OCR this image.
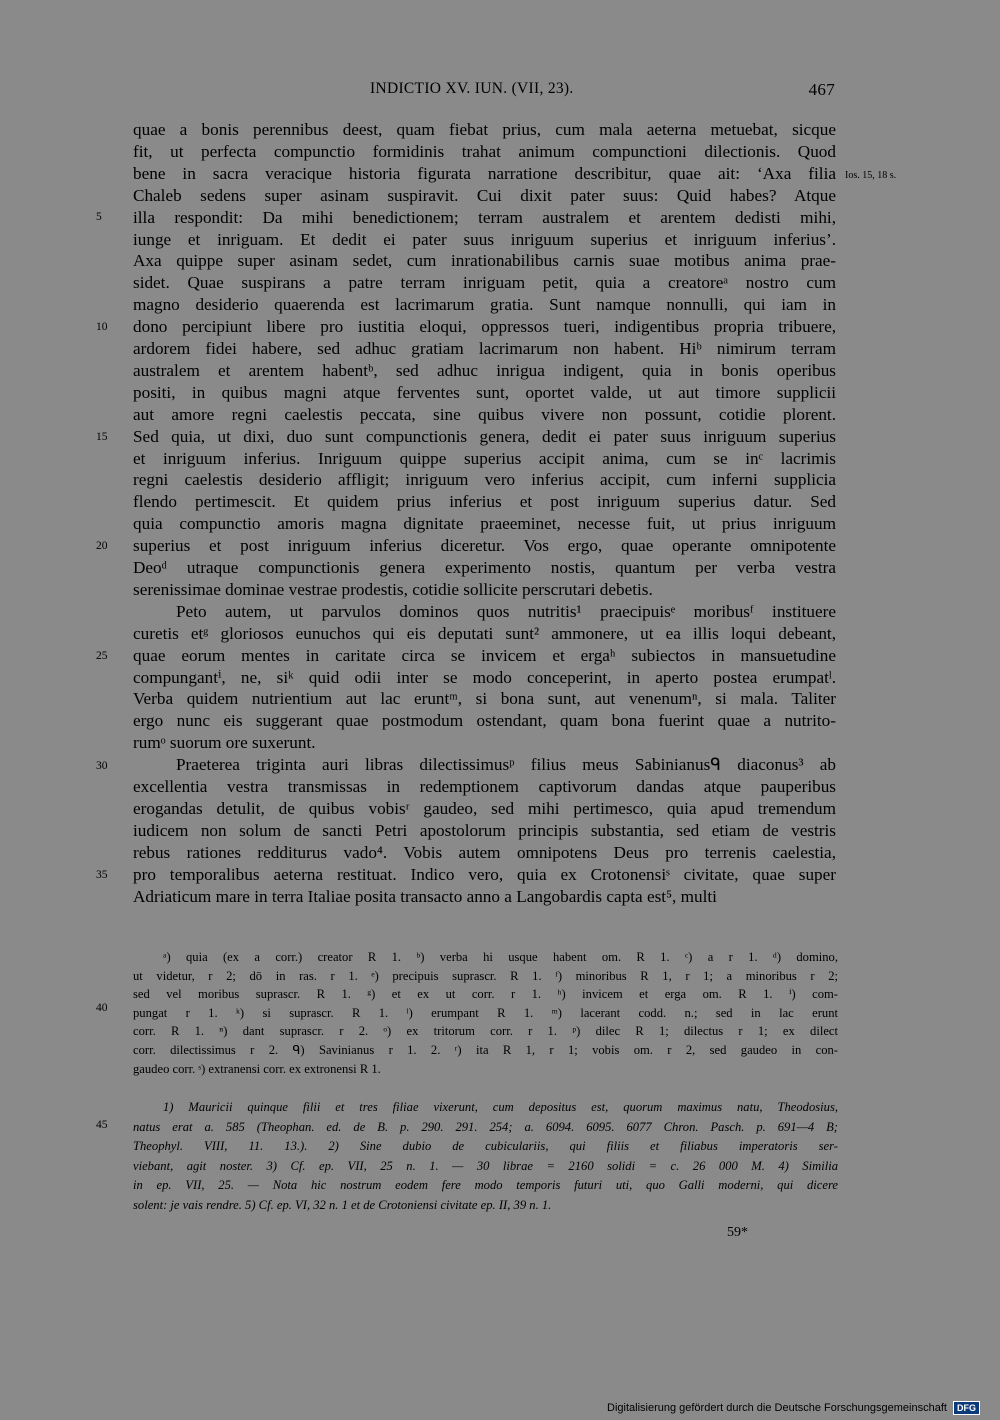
INDICTIO XV. IUN. (VII, 23).	467
quae a bonis perennibus deest, quam fiebat prius, cum mala aeterna metuebat, sicque
fit, ut perfecta compunctio formidinis trahat animum compunctioni dilectionis. Quod
bene in sacra veracique historia figurata narratione describitur, quae ait: ‘Axa filia
Chaleb sedens super asinam suspiravit. Cui dixit pater suus: Quid habes? Atque
illa respondit: Da mihi benedictionem; terram australem et arentem dedisti mihi,
iunge et inriguam. Et dedit ei pater suus inriguum superius et inriguum inferius’.
Axa quippe super asinam sedet, cum inrationabilibus carnis suae motibus anima prae-
sidet. Quae suspirans a patre terram inriguam petit, quia a creatoreᵃ nostro cum
magno desiderio quaerenda est lacrimarum gratia. Sunt namque nonnulli, qui iam in
dono percipiunt libere pro iustitia eloqui, oppressos tueri, indigentibus propria tribuere,
ardorem fidei habere, sed adhuc gratiam lacrimarum non habent. Hiᵇ nimirum terram
australem et arentem habentᵇ, sed adhuc inrigua indigent, quia in bonis operibus
positi, in quibus magni atque ferventes sunt, oportet valde, ut aut timore supplicii
aut amore regni caelestis peccata, sine quibus vivere non possunt, cotidie plorent.
Sed quia, ut dixi, duo sunt compunctionis genera, dedit ei pater suus inriguum superius
et inriguum inferius. Inriguum quippe superius accipit anima, cum se inᶜ lacrimis
regni caelestis desiderio affligit; inriguum vero inferius accipit, cum inferni supplicia
flendo pertimescit. Et quidem prius inferius et post inriguum superius datur. Sed
quia compunctio amoris magna dignitate praeeminet, necesse fuit, ut prius inriguum
superius et post inriguum inferius diceretur. Vos ergo, quae operante omnipotente
Deoᵈ utraque compunctionis genera experimento nostis, quantum per verba vestra
serenissimae dominae vestrae prodestis, cotidie sollicite perscrutari debetis.
Peto autem, ut parvulos dominos quos nutritis¹ praecipuisᵉ moribusᶠ instituere
curetis etᵍ gloriosos eunuchos qui eis deputati sunt² ammonere, ut ea illis loqui debeant,
quae eorum mentes in caritate circa se invicem et ergaʰ subiectos in mansuetudine
compungantⁱ, ne, siᵏ quid odii inter se modo conceperint, in aperto postea erumpatˡ.
Verba quidem nutrientium aut lac eruntᵐ, si bona sunt, aut venenumⁿ, si mala. Taliter
ergo nunc eis suggerant quae postmodum ostendant, quam bona fuerint quae a nutrito-
rumᵒ suorum ore suxerunt.
Praeterea triginta auri libras dilectissimusᵖ filius meus Sabinianusᑫ diaconus³ ab
excellentia vestra transmissas in redemptionem captivorum dandas atque pauperibus
erogandas detulit, de quibus vobisʳ gaudeo, sed mihi pertimesco, quia apud tremendum
iudicem non solum de sancti Petri apostolorum principis substantia, sed etiam de vestris
rebus rationes redditurus vado⁴. Vobis autem omnipotens Deus pro terrenis caelestia,
pro temporalibus aeterna restituat. Indico vero, quia ex Crotonensiˢ civitate, quae super
Adriaticum mare in terra Italiae posita transacto anno a Langobardis capta est⁵, multi
Ios. 15, 18 s.
5
10
15
20
25
30
35
40
45
ᵃ) quia (ex a corr.) creator R 1. ᵇ) verba hi usque habent om. R 1. ᶜ) a r 1. ᵈ) domino,
ut videtur, r 2; dō in ras. r 1. ᵉ) precipuis suprascr. R 1. ᶠ) minoribus R 1, r 1; a minoribus r 2;
sed vel moribus suprascr. R 1. ᵍ) et ex ut corr. r 1. ʰ) invicem et erga om. R 1. ⁱ) com-
pungat r 1. ᵏ) si suprascr. R 1. ˡ) erumpant R 1. ᵐ) lacerant codd. n.; sed in lac erunt
corr. R 1. ⁿ) dant suprascr. r 2. ᵒ) ex tritorum corr. r 1. ᵖ) dilec R 1; dilectus r 1; ex dilect
corr. dilectissimus r 2. ᑫ) Savinianus r 1. 2. ʳ) ita R 1, r 1; vobis om. r 2, sed gaudeo in con-
gaudeo corr. ˢ) extranensi corr. ex extronensi R 1.
1) Mauricii quinque filii et tres filiae vixerunt, cum depositus est, quorum maximus natu, Theodosius,
natus erat a. 585 (Theophan. ed. de B. p. 290. 291. 254; a. 6094. 6095. 6077 Chron. Pasch. p. 691—4 B;
Theophyl. VIII, 11. 13.). 2) Sine dubio de cubiculariis, qui filiis et filiabus imperatoris ser-
viebant, agit noster. 3) Cf. ep. VII, 25 n. 1. — 30 librae = 2160 solidi = c. 26 000 M. 4) Similia
in ep. VII, 25. — Nota hic nostrum eodem fere modo temporis futuri uti, quo Galli moderni, qui dicere
solent: je vais rendre. 5) Cf. ep. VI, 32 n. 1 et de Crotoniensi civitate ep. II, 39 n. 1.
59*
Digitalisierung gefördert durch die Deutsche Forschungsgemeinschaft DFG
